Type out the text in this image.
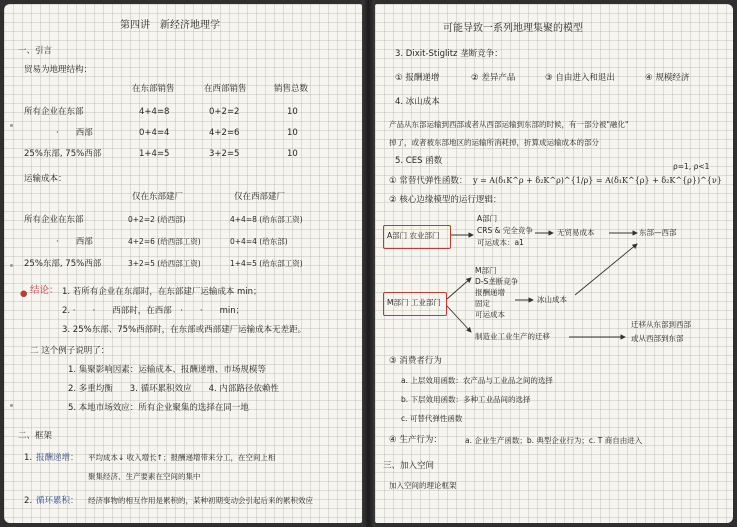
第四讲　新经济地理学
一、引言
贸易为地理结构：
在东部销售	在西部销售	销售总数
所有企业在东部	4+4=8	0+2=2	10
·　　西部	0+4=4	4+2=6	10
25%东部, 75%西部	1+4=5	3+2=5	10
运输成本：
仅在东部建厂	仅在西部建厂
所有企业在东部	0+2=2 (给西部)	4+4=8 (给东部工资)
·　　西部	4+2=6 (给西部工资)	0+4=4 (给东部)
25%东部, 75%西部	3+2=5 (给西部工资)	1+4=5 (给东部工资)
● 结论： 1. 若所有企业在东部时，在东部建厂运输成本 min；
2. ·　　·　　西部时，在西部　·　　·　　min；
3. 25%东部、75%西部时，在东部或西部建厂运输成本无差距。
二 这个例子说明了：
1. 集聚影响因素：运输成本、报酬递增、市场规模等
2. 多重均衡　　3. 循环累积效应　　4. 内部路径依赖性
5. 本地市场效应：所有企业聚集的选择在同一地
二、框架
1. 报酬递增： 平均成本↓ 收入增长↑；报酬递增带来分工，在空间上相
聚集经济、生产要素在空间的集中
2. 循环累积： 经济事物的相互作用是累积的，某种初期变动会引起后来的累积效应
可能导致一系列地理集聚的模型
3. Dixit-Stiglitz 垄断竞争：
① 报酬递增	② 差异产品	③ 自由进入和退出	④ 规模经济
4. 冰山成本
产品从东部运输到西部或者从西部运输到东部的时候，有一部分被"融化"
掉了，或者被东部地区的运输所消耗掉，折算成运输成本的部分
5. CES 函数
① 常替代弹性函数： y = A(δ₁K^ρ + δ₂K^ρ)^{1/ρ} = A(δ₁K^{ρ} + δ₂K^{ρ})^{ν}
ρ=1, ρ<1
② 核心边缘模型的运行逻辑：
A部门 农业部门
A部门
CRS & 完全竞争
可运成本：a1
无贸易成本	东部—西部
M部门 工业部门
M部门
D-S垄断竞争
报酬递增
固定
可运成本
冰山成本
制造业工业生产的迁移
迁移从东部到西部
或从西部到东部
③ 消费者行为
a. 上层效用函数：农产品与工业品之间的选择
b. 下层效用函数：多种工业品间的选择
c. 可替代弹性函数
④ 生产行为：	a. 企业生产函数；b. 典型企业行为；c. T 商自由进入
三、加入空间
加入空间的理论框架
